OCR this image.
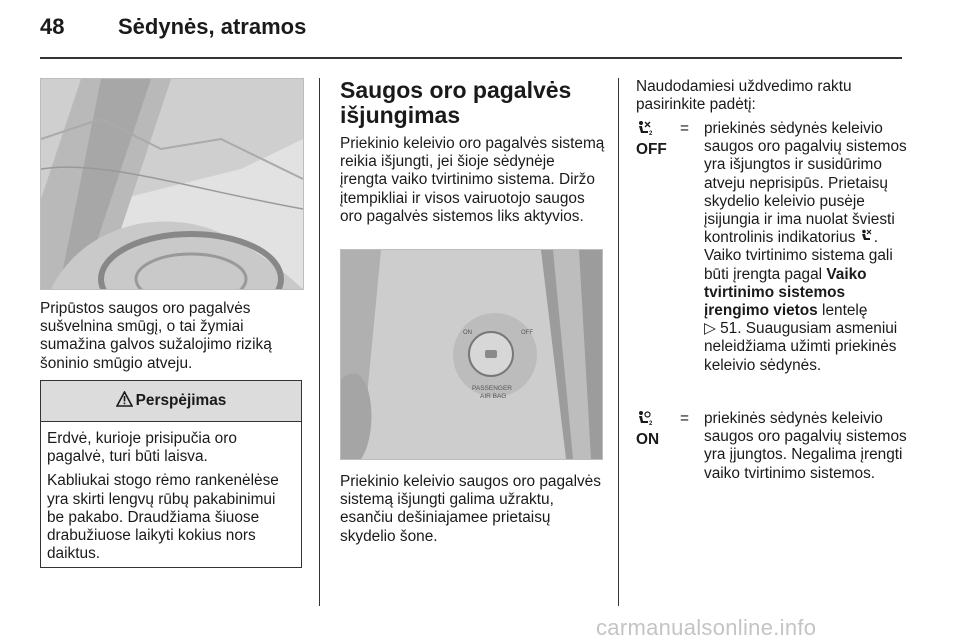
48 Sėdynės, atramos
Pripūstos saugos oro pagalvės sušvelnina smūgį, o tai žymiai sumažina galvos sužalojimo riziką šoninio smūgio atveju.
Perspėjimas

Erdvė, kurioje prisipučia oro pagalvė, turi būti laisva.

Kabliukai stogo rėmo rankenėlėse yra skirti lengvų rūbų pakabinimui be pakabo. Draudžiama šiuose drabužiuose laikyti kokius nors daiktus.

Saugos oro pagalvės išjungimas
Priekinio keleivio oro pagalvės sistemą reikia išjungti, jei šioje sėdynėje įrengta vaiko tvirtinimo sistema. Diržo įtempikliai ir visos vairuotojo saugos oro pagalvės sistemos liks aktyvios.
ON	OFF
PASSENGER
AIR BAG
Priekinio keleivio saugos oro pagalvės sistemą išjungti galima užraktu, esančiu dešiniajamee prietaisų skydelio šone.
Naudodamiesi uždvedimo raktu pasirinkite padėtį:
2
OFF
= priekinės sėdynės keleivio saugos oro pagalvių sistemos yra išjungtos ir susidūrimo atveju neprisipūs. Prietaisų skydelio keleivio pusėje įsijungia ir ima nuolat šviesti kontrolinis indikatorius . Vaiko tvirtinimo sistema gali būti įrengta pagal Vaiko tvirtinimo sistemos įrengimo vietos lentelę
▷ 51. Suaugusiam asmeniui neleidžiama užimti priekinės keleivio sėdynės.
2
ON
= priekinės sėdynės keleivio saugos oro pagalvių sistemos yra įjungtos. Negalima įrengti vaiko tvirtinimo sistemos.
carmanualsonline.info
